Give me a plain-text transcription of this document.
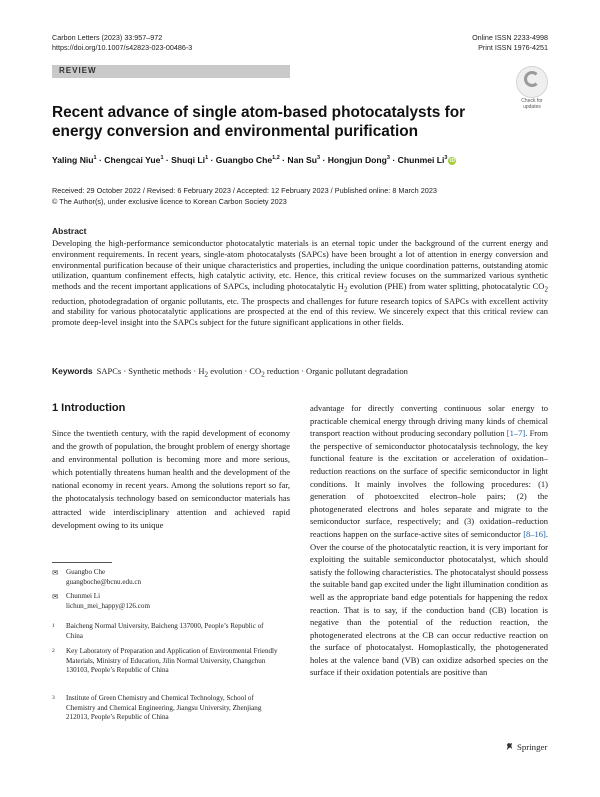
Carbon Letters (2023) 33:957–972
https://doi.org/10.1007/s42823-023-00486-3
Online ISSN 2233-4998
Print ISSN 1976-4251
REVIEW
Check for
updates
Recent advance of single atom-based photocatalysts for energy conversion and environmental purification
Yaling Niu$^1$ · Chengcai Yue$^1$ · Shuqi $Li^1$ · Guangbo Che$^{1,2}$ · Nan $Su^3$ · Hongjun Dong$^3$ · Chunmei Li$^3$ iD
Received: 29 October 2022 / Revised: 6 February 2023 / Accepted: 12 February 2023 / Published online: 8 March 2023
© The Author(s), under exclusive licence to Korean Carbon Society 2023
Abstract

Developing the high-performance semiconductor photocatalytic materials is an eternal topic under the background of the current energy and environment requirements. In recent years, single-atom photocatalysts (SAPCs) have been brought a lot of attention in energy conversion and environmental purification because of their unique characteristics and properties, including the unique coordination patterns, outstanding atomic utilization, quantum confinement effects, high catalytic activity, etc. Hence, this critical review focuses on the summarized various synthetic methods and the recent important applications of SAPCs, including photocatalytic $H_2$ evolution (PHE) from water splitting, photocatalytic $CO_2$ reduction, photodegradation of organic pollutants, etc. The prospects and challenges for future research topics of SAPCs with excellent activity and stability for various photocatalytic applications are prospected at the end of this review. We sincerely expect that this critical review can promote deep-level insight into the SAPCs subject for the future significant applications in other fields.

Keywords SAPCs · Synthetic methods · $H_2$ evolution · $CO_2$ reduction · Organic pollutant degradation
1 Introduction

Since the twentieth century, with the rapid development of economy and the growth of population, the brought problem of energy shortage and environmental pollution is becoming more and more serious, which potentially threatens human health and the development of the national economy in recent years. Among the solutions report so far, the photocatalysis technology based on semiconductor materials has attracted wide interdisciplinary attention and achieved rapid development owing to its unique

advantage for directly converting continuous solar energy to practicable chemical energy through driving many kinds of chemical transport reaction without producing secondary pollution [1–7]. From the perspective of semiconductor photocatalysis technology, the key functional feature is the excitation or acceleration of oxidation–reduction reactions on the surface of specific semiconductor in light conditions. It mainly involves the following procedures: (1) generation of photoexcited electron–hole pairs; (2) the photogenerated electrons and holes separate and migrate to the semiconductor surface, respectively; and (3) oxidation–reduction reactions happen on the surface-active sites of semiconductor [8–16]. Over the course of the photocatalytic reaction, it is very important for exploiting the suitable semiconductor photocatalyst, which should satisfy the following characteristics. The photocatalyst should possess the suitable band gap excited under the light illumination condition as well as the appropriate band edge potentials for happening the redox reaction. That is to say, if the conduction band (CB) location is negative than the potential of the reduction reaction, the photogenerated electrons at the CB can occur reductive reaction on the surface of photocatalyst. Homoplastically, the photogenerated holes at the valence band (VB) can oxidize adsorbed species on the surface if their oxidation potentials are positive than

✉	Guangbo Che
guangboche@bcnu.edu.cn
✉	Chunmei Li
lichun_mei_happy@126.com
1 Baicheng Normal University, Baicheng 137000, People’s Republic of China
2 Key Laboratory of Preparation and Application of Environmental Friendly Materials, Ministry of Education, Jilin Normal University, Changchun 130103, People’s Republic of China
3 Institute of Green Chemistry and Chemical Technology, School of Chemistry and Chemical Engineering, Jiangsu University, Zhenjiang 212013, People’s Republic of China
Springer
